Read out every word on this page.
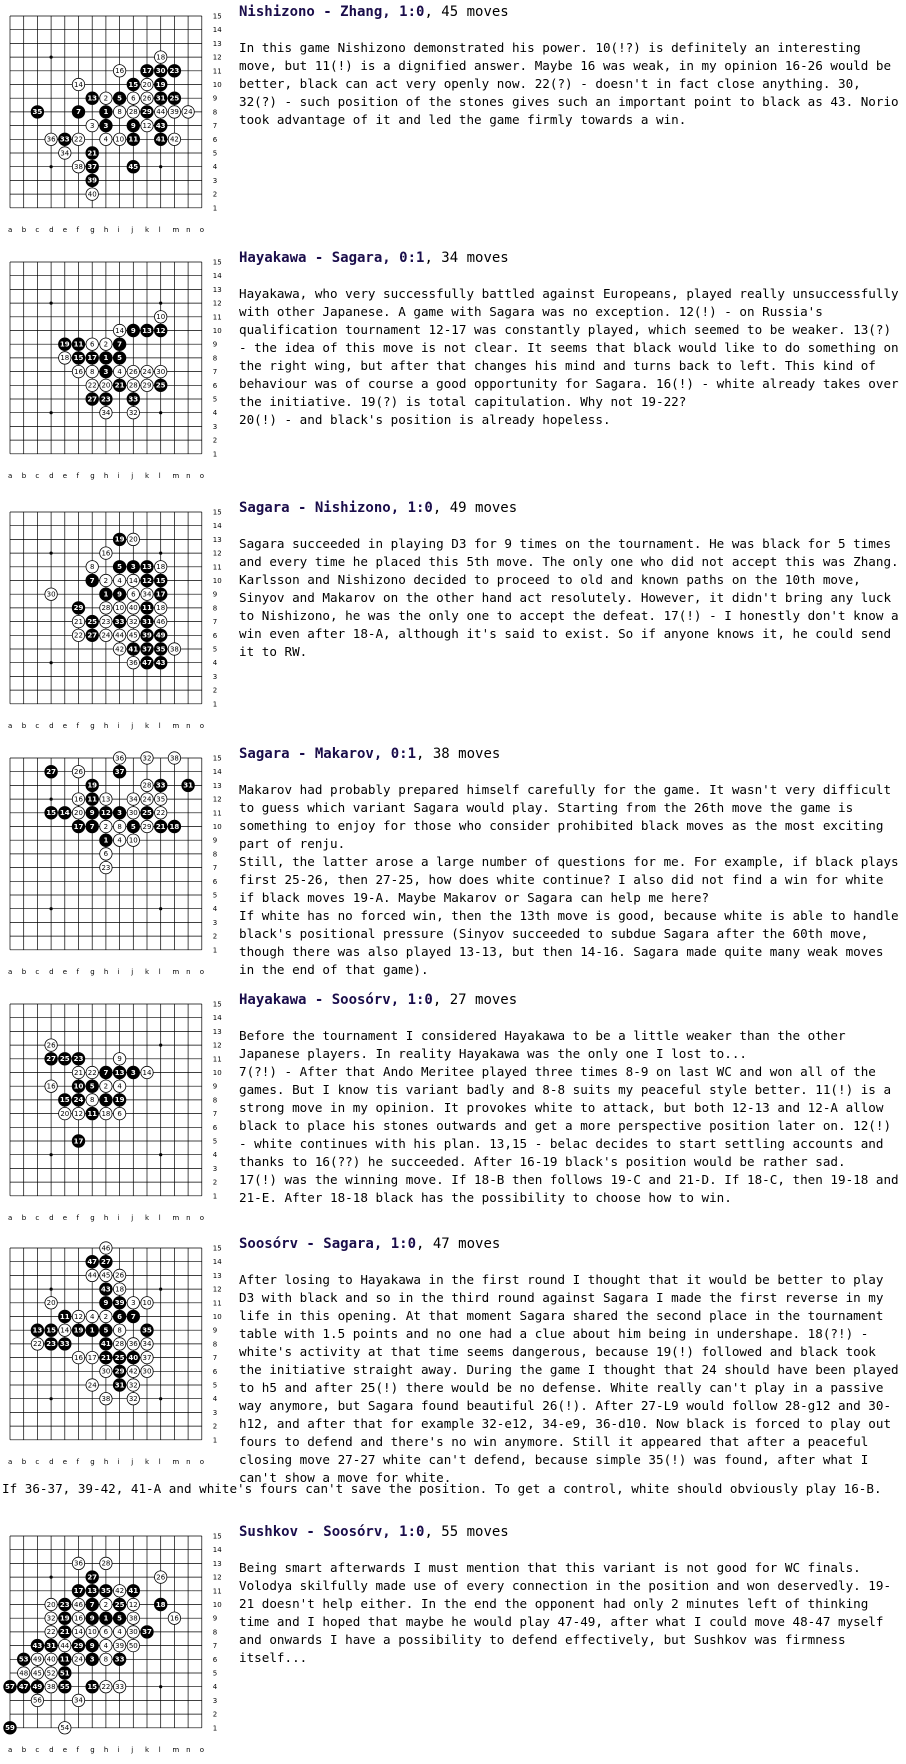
15
14
13
12
11
10
9
8
7
6
5
4
3
2
1
a b c d e f g h i j k l m n o
18
17 30 23
16
14	15 20 19
13 2 5 6 26 31 25
35	7	1 8 28 29 44 39 24
3 3	9 12 43
36 33 22	4 10 11	41 42
34	21
38 37	45
39
40
Nishizono - Zhang, 1:0, 45 moves

In this game Nishizono demonstrated his power. 10(!?) is definitely an interesting move, but 11(!) is a dignified answer. Maybe 16 was weak, in my opinion 16-26 would be better, black can act very openly now. 22(?) - doesn't in fact close anything. 30, 32(?) - such position of the stones gives such an important point to black as 43. Norio took advantage of it and led the game firmly towards a win.

15
14
13
12
11
10
9
8
7
6
5
4
3
2
1
a b c d e f g h i j k l m n o
10
14 9 13 12
19 11 6 2 7
18 15 17 1 5
16 8 3 4 26 24 30
22 20 21 28 29 25
27 23	33
34	32
Hayakawa - Sagara, 0:1, 34 moves

Hayakawa, who very successfully battled against Europeans, played really unsuccessfully with other Japanese. A game with Sagara was no exception. 12(!) - on Russia's qualification tournament 12-17 was constantly played, which seemed to be weaker. 13(?) - the idea of this move is not clear. It seems that black would like to do something on the right wing, but after that changes his mind and turns back to left. This kind of behaviour was of course a good opportunity for Sagara. 16(!) - white already takes over the initiative. 19(?) is total capitulation. Why not 19-22?

20(!) - and black's position is already hopeless.

15
14
13
12
11
10
9
8
7
6
5
4
3
2
1
a b c d e f g h i j k l m n o
19 20
16
8	5 3 13 18
7 2 4 14 12 15
30	1 9 6 34 17
29	28 10 40 11 18
21 25 23 33 32 31 46
22 27 24 44 45 39 49
42 41 37 35 38
36 47 43
Sagara - Nishizono, 1:0, 49 moves

Sagara succeeded in playing D3 for 9 times on the tournament. He was black for 5 times and every time he placed this 5th move. The only one who did not accept this was Zhang. Karlsson and Nishizono decided to proceed to old and known paths on the 10th move, Sinyov and Makarov on the other hand act resolutely. However, it didn't bring any luck to Nishizono, he was the only one to accept the defeat. 17(!) - I honestly don't know a win even after 18-A, although it's said to exist. So if anyone knows it, he could send it to RW.

15
14
13
12
11
10
9
8
7
6
5
4
3
2
1
a b c d e f g h i j k l m n o
36	32	38
27	26	37
19	28 33	31
16 11 13	34 24 35
15 14 20 9 12 3 30 25 22
17 7 2 8 5 29 21 18
1 4 10
6
23
Sagara - Makarov, 0:1, 38 moves

Makarov had probably prepared himself carefully for the game. It wasn't very difficult to guess which variant Sagara would play. Starting from the 26th move the game is something to enjoy for those who consider prohibited black moves as the most exciting part of renju.

Still, the latter arose a large number of questions for me. For example, if black plays first 25-26, then 27-25, how does white continue? I also did not find a win for white if black moves 19-A. Maybe Makarov or Sagara can help me here?

If white has no forced win, then the 13th move is good, because white is able to handle black's positional pressure (Sinyov succeeded to subdue Sagara after the 60th move, though there was also played 13-13, but then 14-16. Sagara made quite many weak moves in the end of that game).

15
14
13
12
11
10
9
8
7
6
5
4
3
2
1
a b c d e f g h i j k l m n o
26
27 25 23	9
21 22 7 13 3 14
16	10 5 2 4
15 24 8 1 19
20 12 11 18 6
17
Hayakawa - Soosórv, 1:0, 27 moves

Before the tournament I considered Hayakawa to be a little weaker than the other Japanese players. In reality Hayakawa was the only one I lost to...

7(?!) - After that Ando Meritee played three times 8-9 on last WC and won all of the games. But I know tis variant badly and 8-8 suits my peaceful style better. 11(!) is a strong move in my opinion. It provokes white to attack, but both 12-13 and 12-A allow black to place his stones outwards and get a more perspective position later on. 12(!) - white continues with his plan. 13,15 - belac decides to start settling accounts and thanks to 16(??) he succeeded. After 16-19 black's position would be rather sad.

17(!) was the winning move. If 18-B then follows 19-C and 21-D. If 18-C, then 19-18 and 21-E. After 18-18 black has the possibility to choose how to win.

15
14
13
12
11
10
9
8
7
6
5
4
3
2
1
a b c d e f g h i j k l m n o
46
47 27
44 45 26
43 18
9 39 3 10
20
11 12 4 2 6 7
13 15 14 19 1 5 8	35
22 23 33	41 28 36 34
16 17 21 25 40 37
30 29 42 30
24	31 32
38	32
Soosórv - Sagara, 1:0, 47 moves

After losing to Hayakawa in the first round I thought that it would be better to play D3 with black and so in the third round against Sagara I made the first reverse in my life in this opening. At that moment Sagara shared the second place in the tournament table with 1.5 points and no one had a clue about him being in undershape. 18(?!) - white's activity at that time seems dangerous, because 19(!) followed and black took the initiative straight away. During the game I thought that 24 should have been played to h5 and after 25(!) there would be no defense. White really can't play in a passive way anymore, but Sagara found beautiful 26(!). After 27-L9 would follow 28-g12 and 30-h12, and after that for example 32-e12, 34-e9, 36-d10. Now black is forced to play out fours to defend and there's no win anymore. Still it appeared that after a peaceful closing move 27-27 white can't defend, because simple 35(!) was found, after what I can't show a move for white.

If 36-37, 39-42, 41-A and white's fours can't save the position. To get a control, white should obviously play 16-B.
15
14
13
12
11
10
9
8
7
6
5
4
3
2
1
a b c d e f g h i j k l m n o
36	28
27	26
17 13 35 42 41
20 23 46 7 2 25 12	18
32 19 16 9 1 5 38	16
22 21 14 10 6 4 30 37
43 31 44 29 9 4 39 50
53 49 40 11 24 3 8 33
48 45 52 51
57 47 49 38 55	15 22 33
56	34
59	54
Sushkov - Soosórv, 1:0, 55 moves

Being smart afterwards I must mention that this variant is not good for WC finals. Volodya skilfully made use of every connection in the position and won deservedly. 19-21 doesn't help either. In the end the opponent had only 2 minutes left of thinking time and I hoped that maybe he would play 47-49, after what I could move 48-47 myself and onwards I have a possibility to defend effectively, but Sushkov was firmness itself...
